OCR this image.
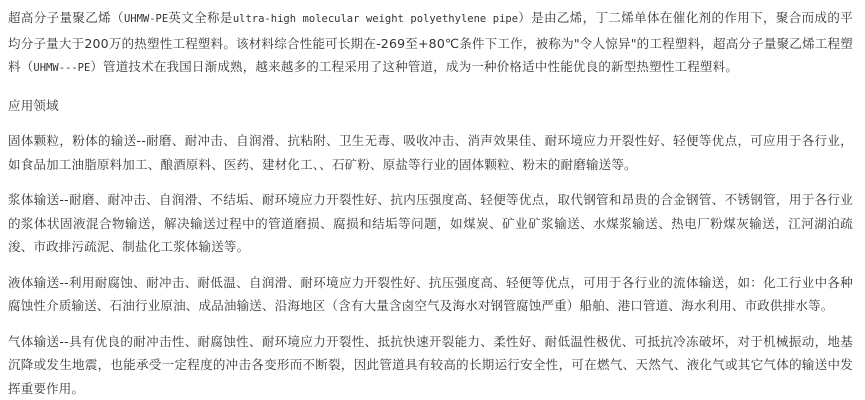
超高分子量聚乙烯（UHMW-PE英文全称是ultra-high molecular weight polyethylene pipe）是由乙烯，丁二烯单体在催化剂的作用下，聚合而成的平均分子量大于200万的热塑性工程塑料。该材料综合性能可长期在-269至+80℃条件下工作，被称为"令人惊异"的工程塑料，超高分子量聚乙烯工程塑料（UHMW---PE）管道技术在我国日渐成熟，越来越多的工程采用了这种管道，成为一种价格适中性能优良的新型热塑性工程塑料。

应用领域

固体颗粒，粉体的输送--耐磨、耐冲击、自润滑、抗粘附、卫生无毒、吸收冲击、消声效果佳、耐环境应力开裂性好、轻便等优点，可应用于各行业，如食品加工油脂原料加工、酿酒原料、医药、建材化工、、石矿粉、原盐等行业的固体颗粒、粉末的耐磨输送等。

浆体输送--耐磨、耐冲击、自润滑、不结垢、耐环境应力开裂性好、抗内压强度高、轻便等优点，取代钢管和昂贵的合金钢管、不锈钢管，用于各行业的浆体状固液混合物输送，解决输送过程中的管道磨损、腐损和结垢等问题，如煤炭、矿业矿浆输送、水煤浆输送、热电厂粉煤灰输送，江河湖泊疏浚、市政排污疏泥、制盐化工浆体输送等。

液体输送--利用耐腐蚀、耐冲击、耐低温、自润滑、耐环境应力开裂性好、抗压强度高、轻便等优点，可用于各行业的流体输送，如：化工行业中各种腐蚀性介质输送、石油行业原油、成品油输送、沿海地区（含有大量含卤空气及海水对钢管腐蚀严重）船舶、港口管道、海水利用、市政供排水等。

气体输送--具有优良的耐冲击性、耐腐蚀性、耐环境应力开裂性、抵抗快速开裂能力、柔性好、耐低温性极优、可抵抗冷冻破坏，对于机械振动，地基沉降或发生地震，也能承受一定程度的冲击各变形而不断裂，因此管道具有较高的长期运行安全性，可在燃气、天然气、液化气或其它气体的输送中发挥重要作用。
